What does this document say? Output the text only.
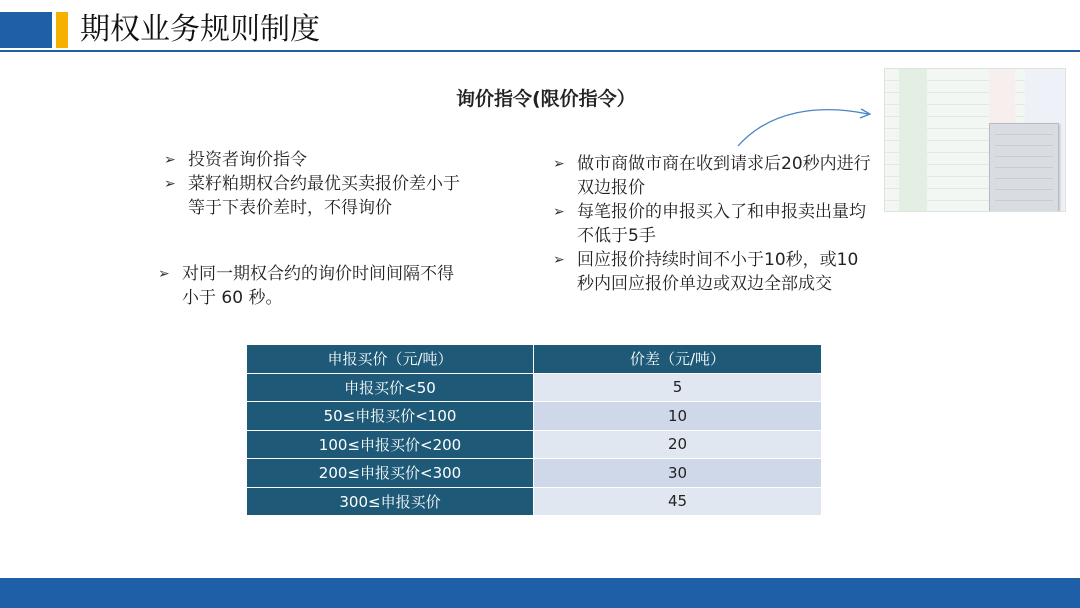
期权业务规则制度
询价指令(限价指令）
➢ 投资者询价指令
➢ 菜籽粕期权合约最优买卖报价差小于等于下表价差时，不得询价
➢ 对同一期权合约的询价时间间隔不得小于 60 秒。
➢ 做市商做市商在收到请求后20秒内进行双边报价
➢ 每笔报价的申报买入了和申报卖出量均不低于5手
➢ 回应报价持续时间不小于10秒，或10秒内回应报价单边或双边全部成交
申报买价（元/吨）	价差（元/吨）
申报买价<50	5
50≤申报买价<100	10
100≤申报买价<200	20
200≤申报买价<300	30
300≤申报买价	45
